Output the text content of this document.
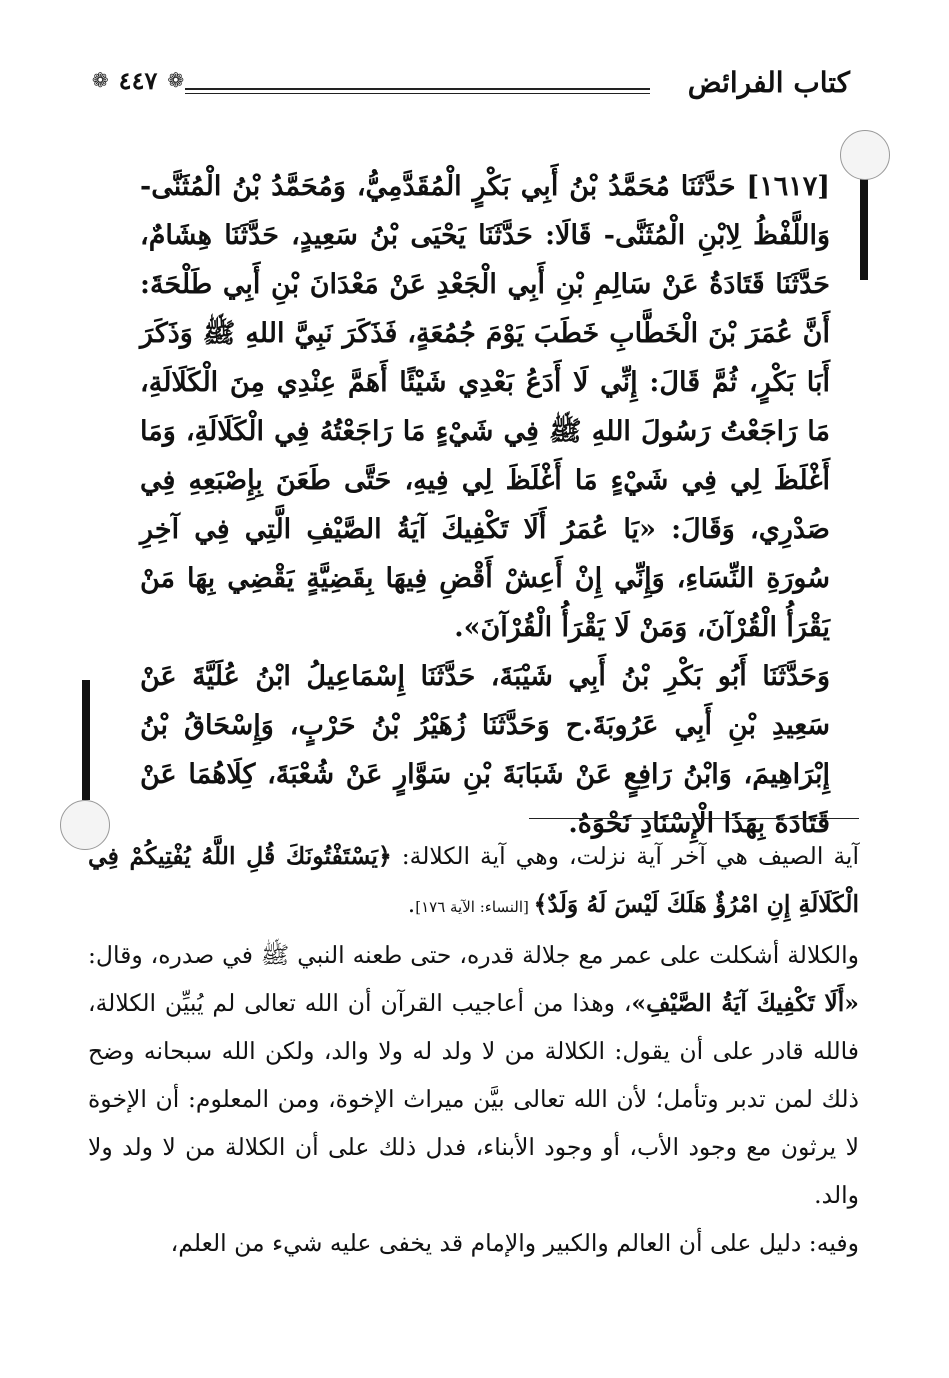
كتاب الفرائض
❁
٤٤٧
❁

[١٦١٧] حَدَّثَنَا مُحَمَّدُ بْنُ أَبِي بَكْرٍ الْمُقَدَّمِيُّ، وَمُحَمَّدُ بْنُ الْمُثَنَّى- وَاللَّفْظُ لِابْنِ الْمُثَنَّى- قَالَا: حَدَّثَنَا يَحْيَى بْنُ سَعِيدٍ، حَدَّثَنَا هِشَامٌ، حَدَّثَنَا قَتَادَةُ عَنْ سَالِمِ بْنِ أَبِي الْجَعْدِ عَنْ مَعْدَانَ بْنِ أَبِي طَلْحَةَ: أَنَّ عُمَرَ بْنَ الْخَطَّابِ خَطَبَ يَوْمَ جُمُعَةٍ، فَذَكَرَ نَبِيَّ اللهِ ﷺ وَذَكَرَ أَبَا بَكْرٍ، ثُمَّ قَالَ: إِنِّي لَا أَدَعُ بَعْدِي شَيْئًا أَهَمَّ عِنْدِي مِنَ الْكَلَالَةِ، مَا رَاجَعْتُ رَسُولَ اللهِ ﷺ فِي شَيْءٍ مَا رَاجَعْتُهُ فِي الْكَلَالَةِ، وَمَا أَغْلَظَ لِي فِي شَيْءٍ مَا أَغْلَظَ لِي فِيهِ، حَتَّى طَعَنَ بِإِصْبَعِهِ فِي صَدْرِي، وَقَالَ: «يَا عُمَرُ أَلَا تَكْفِيكَ آيَةُ الصَّيْفِ الَّتِي فِي آخِرِ سُورَةِ النِّسَاءِ، وَإِنِّي إِنْ أَعِشْ أَقْضِ فِيهَا بِقَضِيَّةٍ يَقْضِي بِهَا مَنْ يَقْرَأُ الْقُرْآنَ، وَمَنْ لَا يَقْرَأُ الْقُرْآنَ».

وَحَدَّثَنَا أَبُو بَكْرِ بْنُ أَبِي شَيْبَةَ، حَدَّثَنَا إِسْمَاعِيلُ ابْنُ عُلَيَّةَ عَنْ سَعِيدِ بْنِ أَبِي عَرُوبَةَ.ح وَحَدَّثَنَا زُهَيْرُ بْنُ حَرْبٍ، وَإِسْحَاقُ بْنُ إِبْرَاهِيمَ، وَابْنُ رَافِعٍ عَنْ شَبَابَةَ بْنِ سَوَّارٍ عَنْ شُعْبَةَ، كِلَاهُمَا عَنْ قَتَادَةَ بِهَذَا الْإِسْنَادِ نَحْوَهُ.

آية الصيف هي آخر آية نزلت، وهي آية الكلالة: ﴿يَسْتَفْتُونَكَ قُلِ اللَّهُ يُفْتِيكُمْ فِي الْكَلَالَةِ إِنِ امْرُؤٌ هَلَكَ لَيْسَ لَهُ وَلَدٌ﴾ [النساء: الآية ١٧٦].

والكلالة أشكلت على عمر مع جلالة قدره، حتى طعنه النبي ﷺ في صدره، وقال: «أَلَا تَكْفِيكَ آيَةُ الصَّيْفِ»، وهذا من أعاجيب القرآن أن الله تعالى لم يُبيِّن الكلالة، فالله قادر على أن يقول: الكلالة من لا ولد له ولا والد، ولكن الله سبحانه وضح ذلك لمن تدبر وتأمل؛ لأن الله تعالى بيَّن ميراث الإخوة، ومن المعلوم: أن الإخوة لا يرثون مع وجود الأب، أو وجود الأبناء، فدل ذلك على أن الكلالة من لا ولد ولا والد.

وفيه: دليل على أن العالم والكبير والإمام قد يخفى عليه شيء من العلم،
